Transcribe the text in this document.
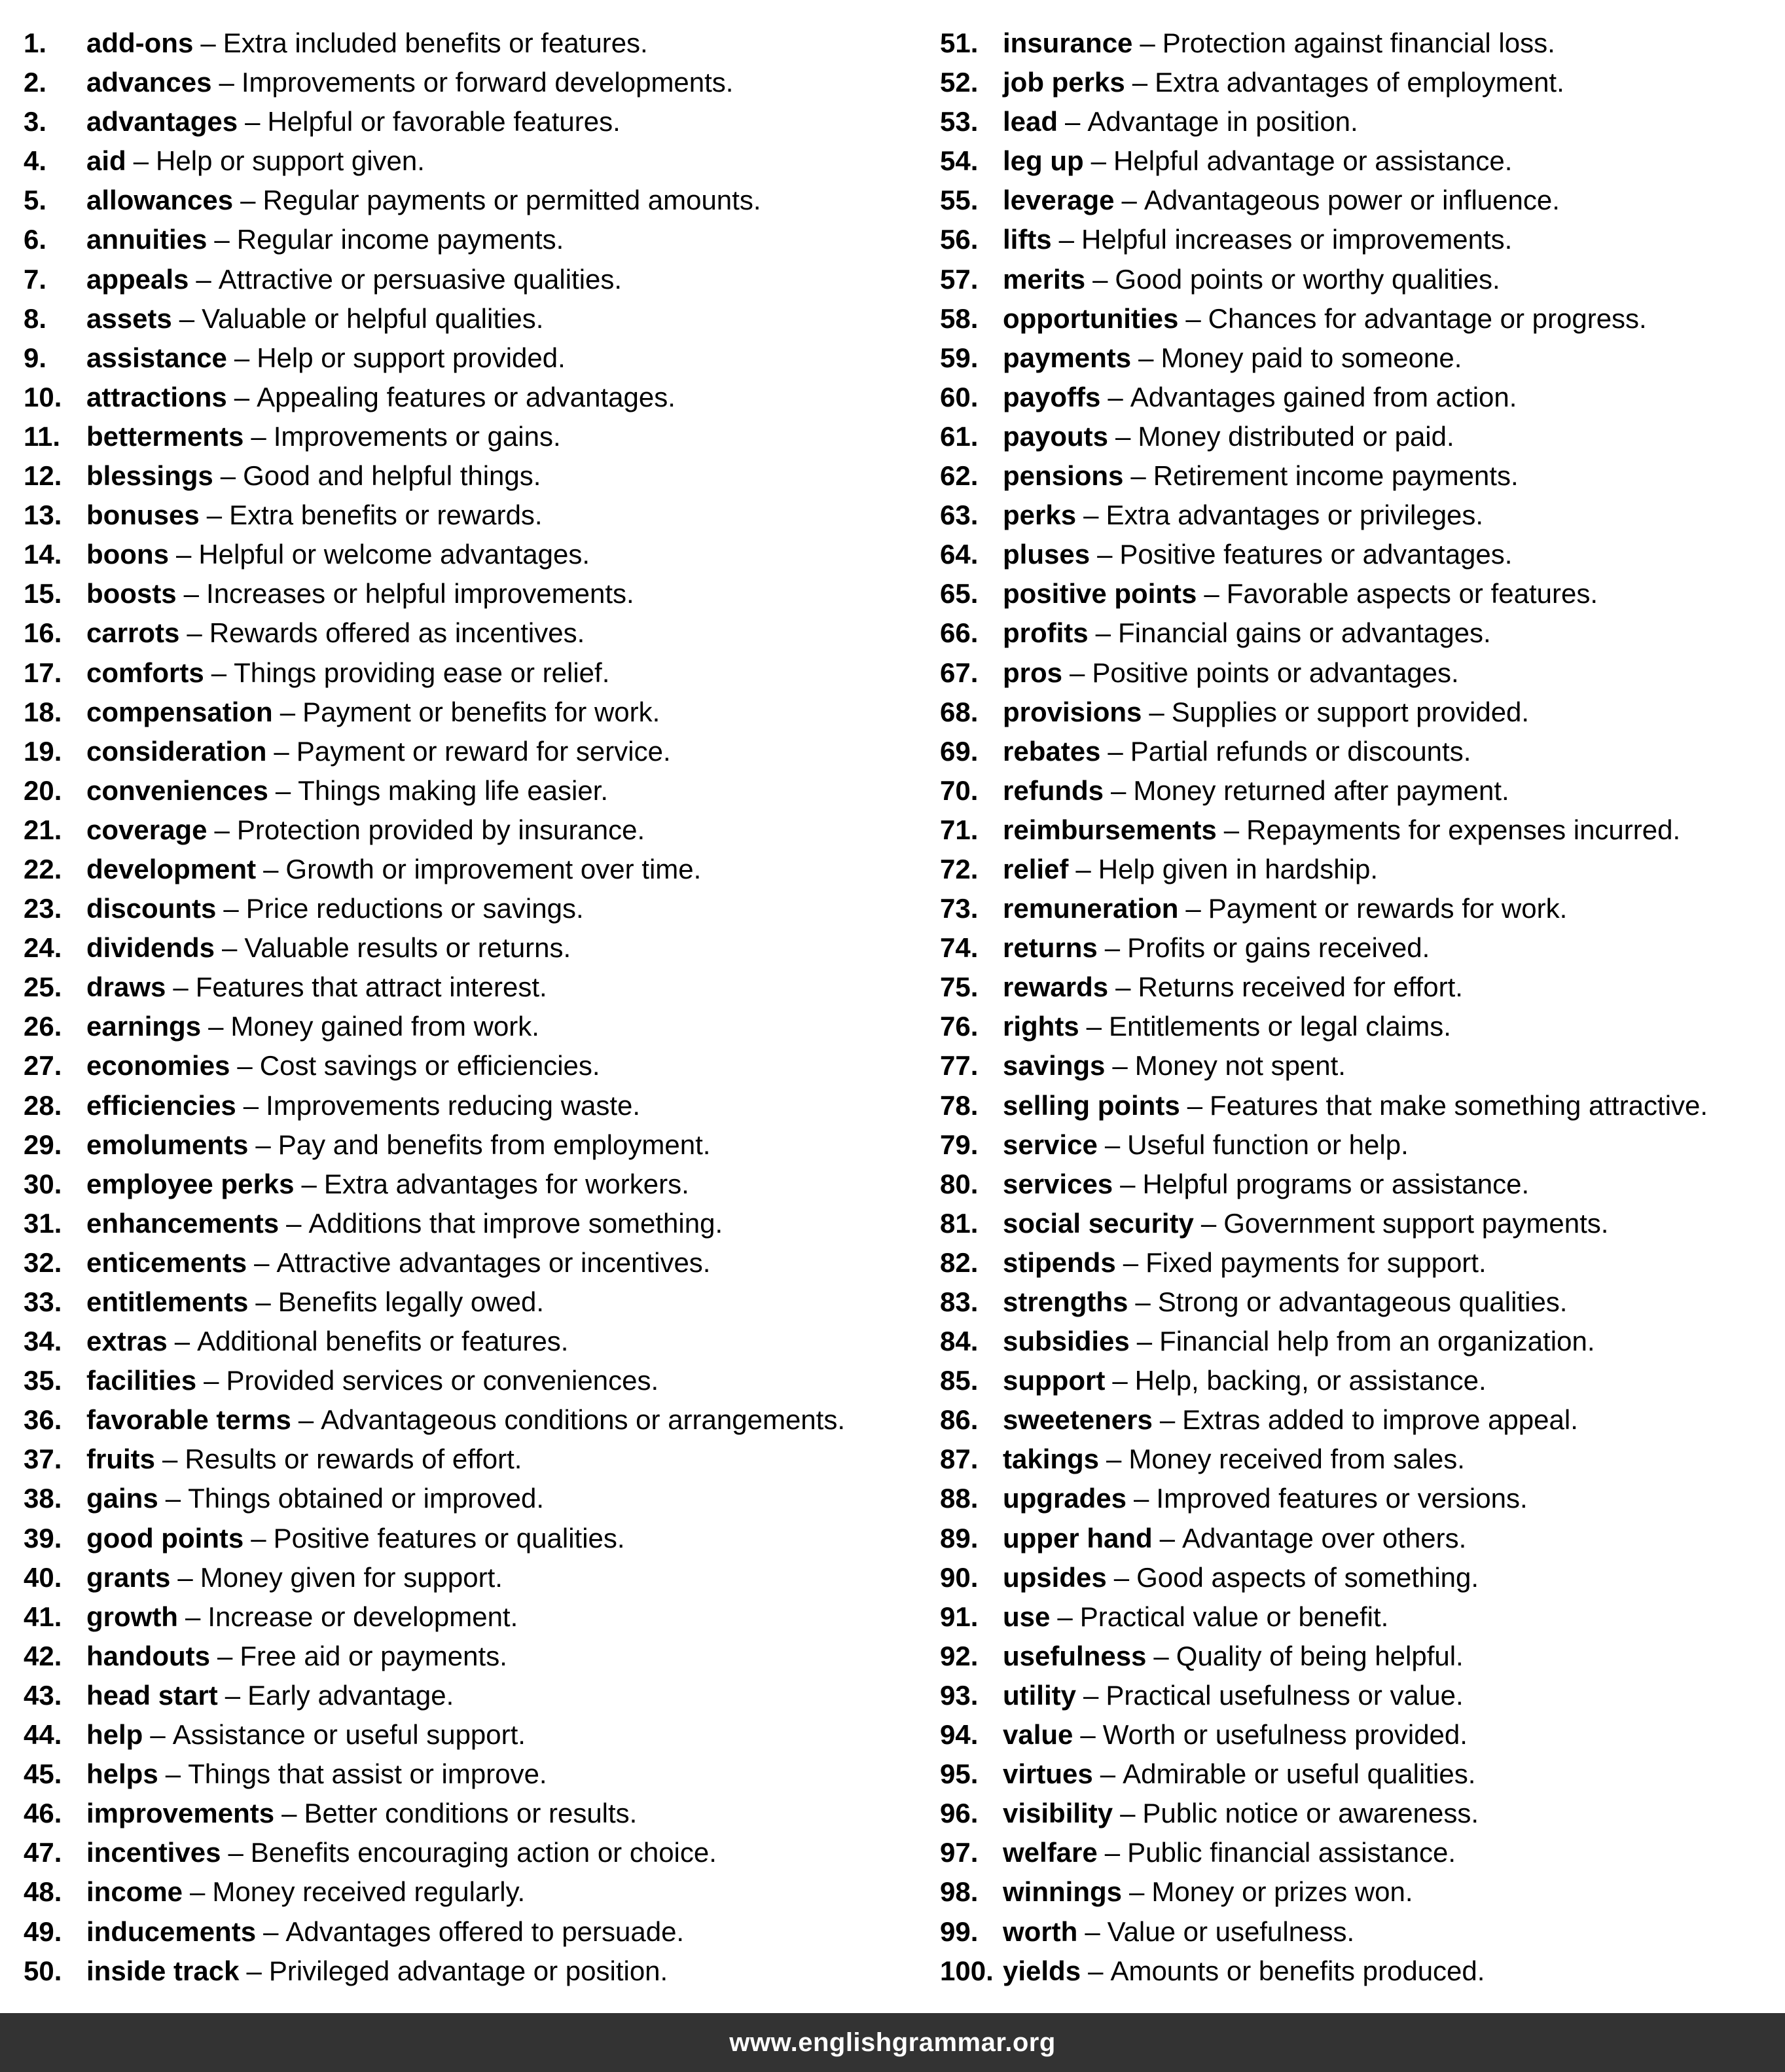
1.	add-ons – Extra included benefits or features.
2.	advances – Improvements or forward developments.
3.	advantages – Helpful or favorable features.
4.	aid – Help or support given.
5.	allowances – Regular payments or permitted amounts.
6.	annuities – Regular income payments.
7.	appeals – Attractive or persuasive qualities.
8.	assets – Valuable or helpful qualities.
9.	assistance – Help or support provided.
10. attractions – Appealing features or advantages.
11. betterments – Improvements or gains.
12. blessings – Good and helpful things.
13. bonuses – Extra benefits or rewards.
14. boons – Helpful or welcome advantages.
15. boosts – Increases or helpful improvements.
16. carrots – Rewards offered as incentives.
17. comforts – Things providing ease or relief.
18. compensation – Payment or benefits for work.
19. consideration – Payment or reward for service.
20. conveniences – Things making life easier.
21. coverage – Protection provided by insurance.
22. development – Growth or improvement over time.
23. discounts – Price reductions or savings.
24. dividends – Valuable results or returns.
25. draws – Features that attract interest.
26. earnings – Money gained from work.
27. economies – Cost savings or efficiencies.
28. efficiencies – Improvements reducing waste.
29. emoluments – Pay and benefits from employment.
30. employee perks – Extra advantages for workers.
31. enhancements – Additions that improve something.
32. enticements – Attractive advantages or incentives.
33. entitlements – Benefits legally owed.
34. extras – Additional benefits or features.
35. facilities – Provided services or conveniences.
36. favorable terms – Advantageous conditions or arrangements.
37. fruits – Results or rewards of effort.
38. gains – Things obtained or improved.
39. good points – Positive features or qualities.
40. grants – Money given for support.
41. growth – Increase or development.
42. handouts – Free aid or payments.
43. head start – Early advantage.
44. help – Assistance or useful support.
45. helps – Things that assist or improve.
46. improvements – Better conditions or results.
47. incentives – Benefits encouraging action or choice.
48. income – Money received regularly.
49. inducements – Advantages offered to persuade.
50. inside track – Privileged advantage or position.
51. insurance – Protection against financial loss.
52. job perks – Extra advantages of employment.
53. lead – Advantage in position.
54. leg up – Helpful advantage or assistance.
55. leverage – Advantageous power or influence.
56. lifts – Helpful increases or improvements.
57. merits – Good points or worthy qualities.
58. opportunities – Chances for advantage or progress.
59. payments – Money paid to someone.
60. payoffs – Advantages gained from action.
61. payouts – Money distributed or paid.
62. pensions – Retirement income payments.
63. perks – Extra advantages or privileges.
64. pluses – Positive features or advantages.
65. positive points – Favorable aspects or features.
66. profits – Financial gains or advantages.
67. pros – Positive points or advantages.
68. provisions – Supplies or support provided.
69. rebates – Partial refunds or discounts.
70. refunds – Money returned after payment.
71. reimbursements – Repayments for expenses incurred.
72. relief – Help given in hardship.
73. remuneration – Payment or rewards for work.
74. returns – Profits or gains received.
75. rewards – Returns received for effort.
76. rights – Entitlements or legal claims.
77. savings – Money not spent.
78. selling points – Features that make something attractive.
79. service – Useful function or help.
80. services – Helpful programs or assistance.
81. social security – Government support payments.
82. stipends – Fixed payments for support.
83. strengths – Strong or advantageous qualities.
84. subsidies – Financial help from an organization.
85. support – Help, backing, or assistance.
86. sweeteners – Extras added to improve appeal.
87. takings – Money received from sales.
88. upgrades – Improved features or versions.
89. upper hand – Advantage over others.
90. upsides – Good aspects of something.
91. use – Practical value or benefit.
92. usefulness – Quality of being helpful.
93. utility – Practical usefulness or value.
94. value – Worth or usefulness provided.
95. virtues – Admirable or useful qualities.
96. visibility – Public notice or awareness.
97. welfare – Public financial assistance.
98. winnings – Money or prizes won.
99. worth – Value or usefulness.
100. yields – Amounts or benefits produced.
www.englishgrammar.org
